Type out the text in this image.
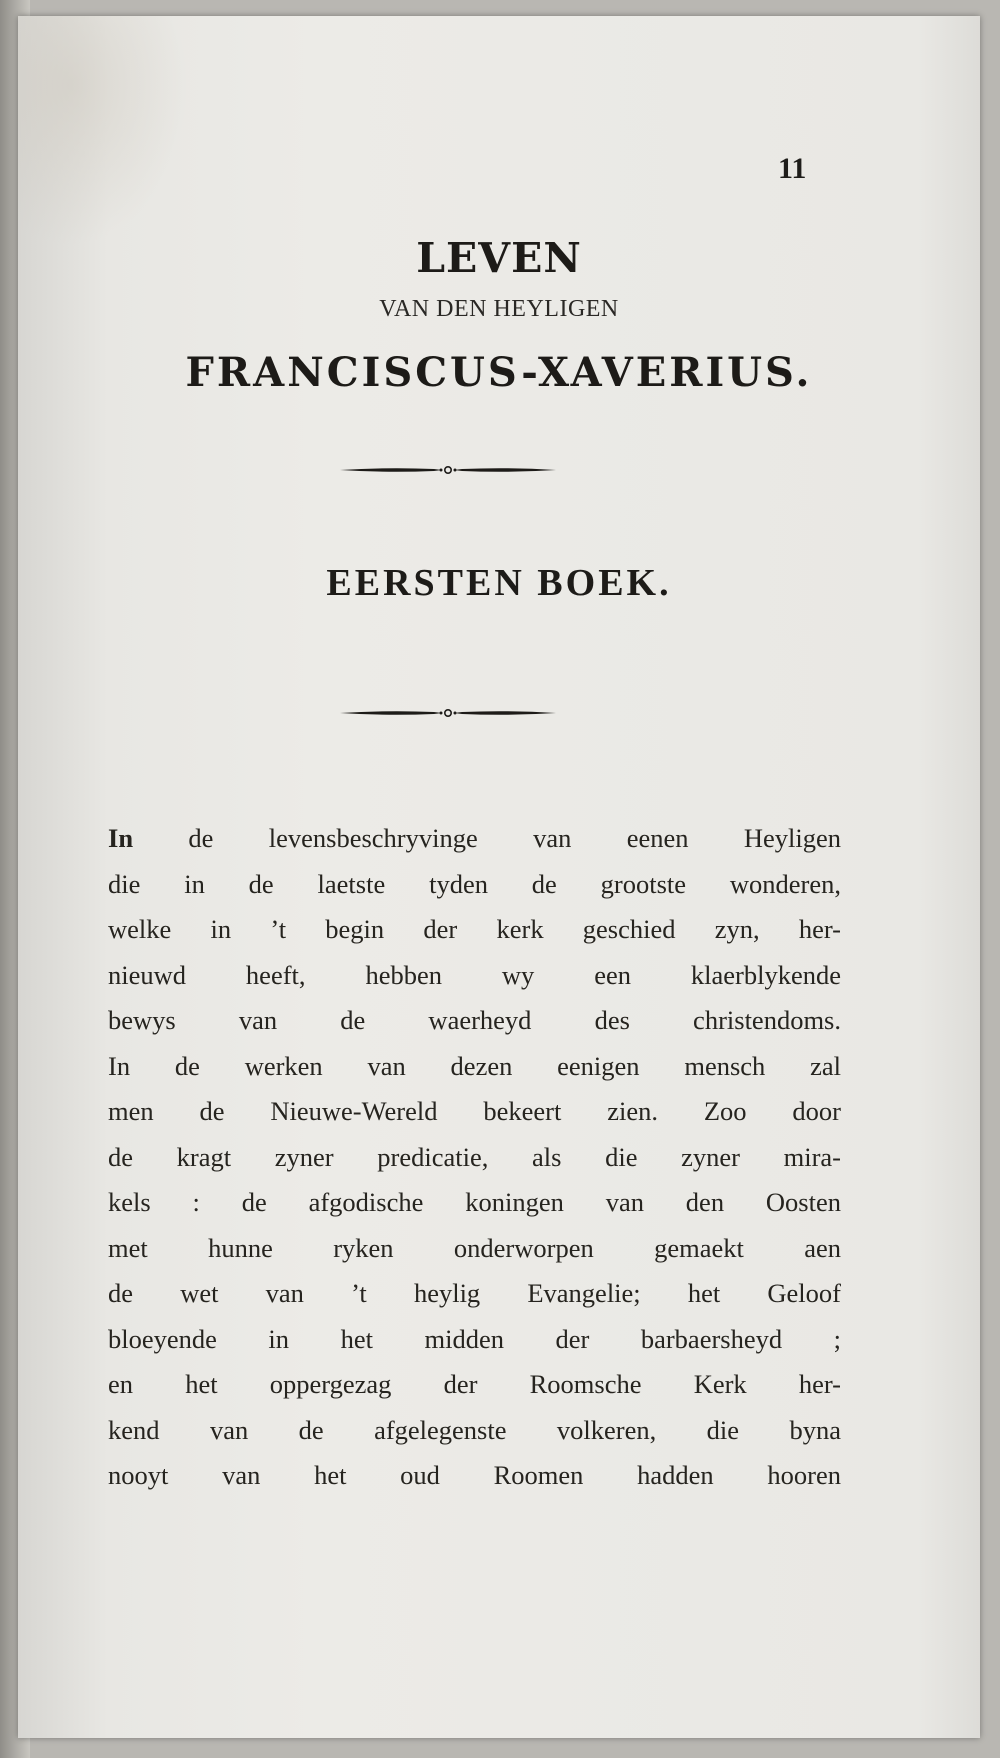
11
LEVEN
VAN DEN HEYLIGEN
FRANCISCUS-XAVERIUS.
EERSTEN BOEK.

In de levensbeschryvinge van eenen Heyligen
die in de laetste tyden de grootste wonderen,
welke in ’t begin der kerk geschied zyn, her-
nieuwd heeft, hebben wy een klaerblykende
bewys van de waerheyd des christendoms.
In de werken van dezen eenigen mensch zal
men de Nieuwe-Wereld bekeert zien. Zoo door
de kragt zyner predicatie, als die zyner mira-
kels : de afgodische koningen van den Oosten
met hunne ryken onderworpen gemaekt aen
de wet van ’t heylig Evangelie; het Geloof
bloeyende in het midden der barbaersheyd ;
en het oppergezag der Roomsche Kerk her-
kend van de afgelegenste volkeren, die byna
nooyt van het oud Roomen hadden hooren
